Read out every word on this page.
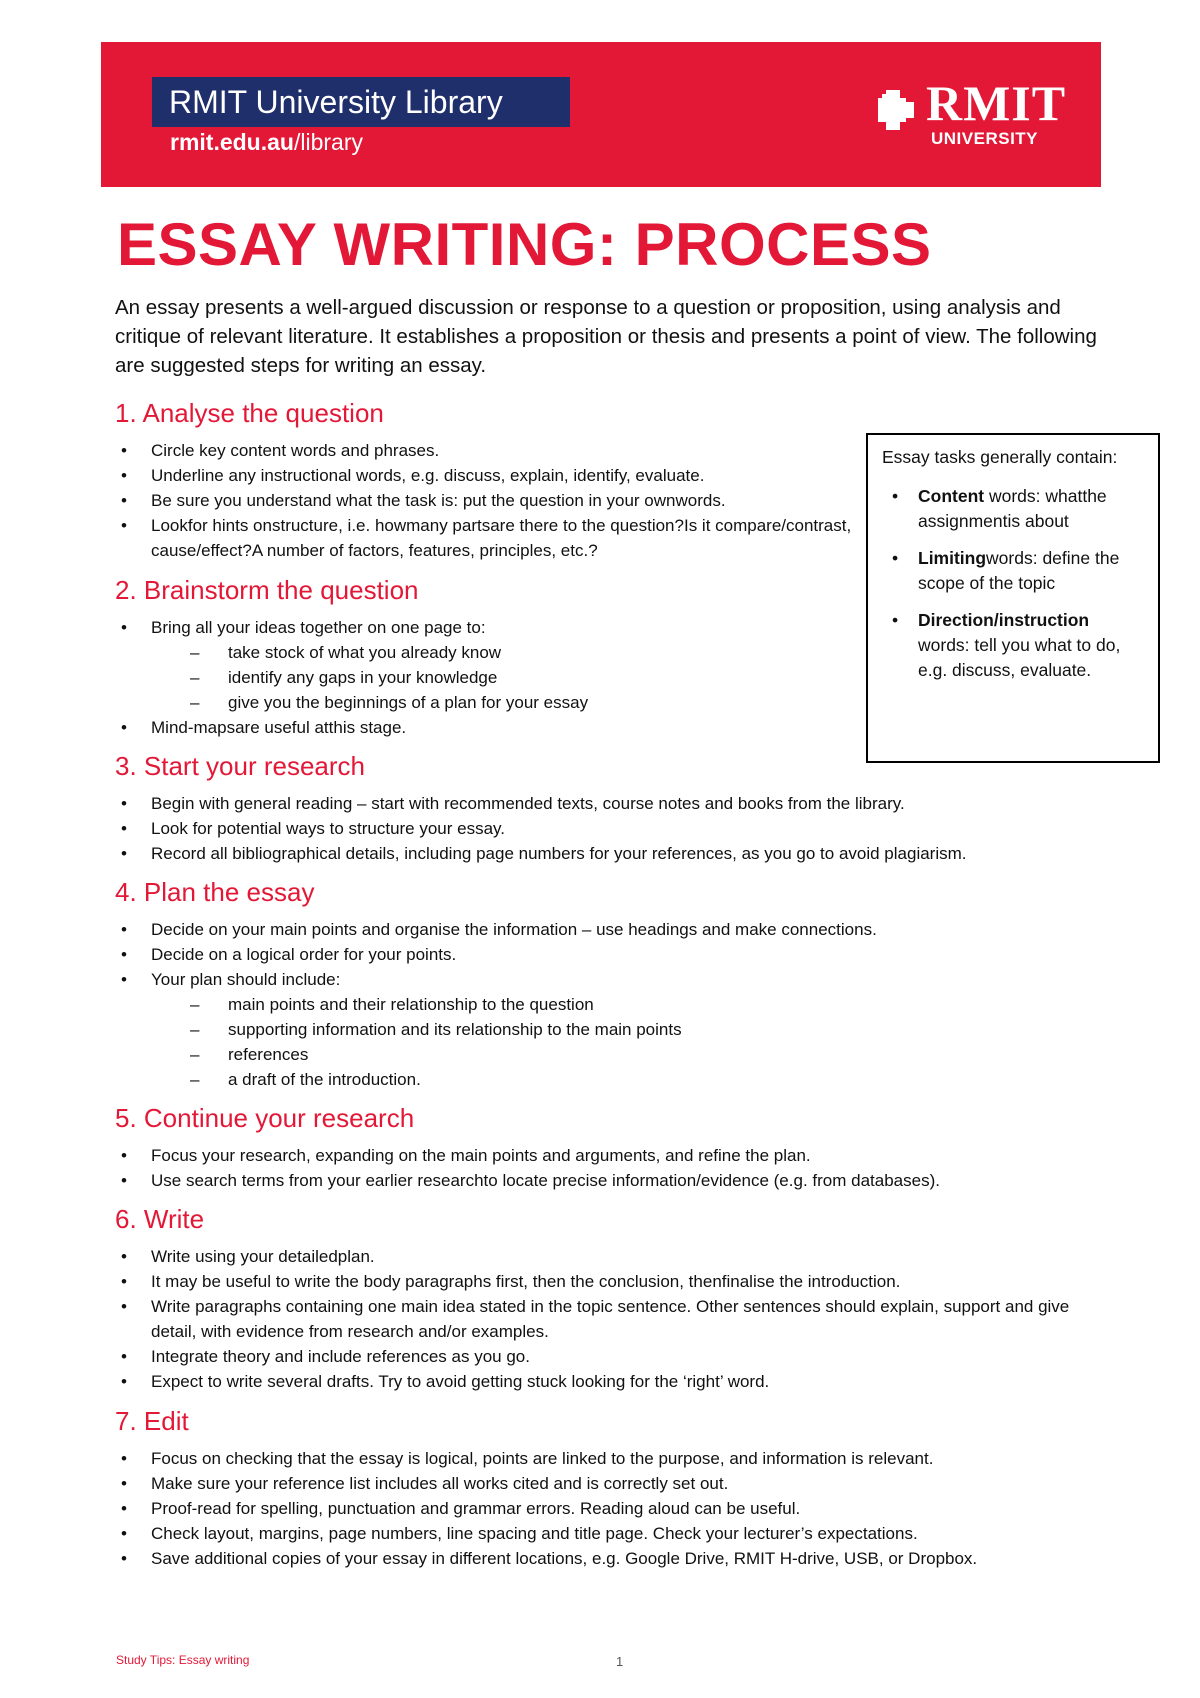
RMIT University Library
rmit.edu.au/library
RMIT
UNIVERSITY
ESSAY WRITING: PROCESS

An essay presents a well-argued discussion or response to a question or proposition, using analysis and critique of relevant literature. It establishes a proposition or thesis and presents a point of view. The following are suggested steps for writing an essay.

1. Analyse the question
• Circle key content words and phrases.
• Underline any instructional words, e.g. discuss, explain, identify, evaluate.
• Be sure you understand what the task is: put the question in your ownwords.
• Lookfor hints onstructure, i.e. howmany partsare there to the question?Is it compare/contrast, cause/effect?A number of factors, features, principles, etc.?
2. Brainstorm the question
• Bring all your ideas together on one page to:
– take stock of what you already know
– identify any gaps in your knowledge
– give you the beginnings of a plan for your essay
• Mind-mapsare useful atthis stage.
3. Start your research
• Begin with general reading – start with recommended texts, course notes and books from the library.
• Look for potential ways to structure your essay.
• Record all bibliographical details, including page numbers for your references, as you go to avoid plagiarism.
4. Plan the essay
• Decide on your main points and organise the information – use headings and make connections.
• Decide on a logical order for your points.
• Your plan should include:
– main points and their relationship to the question
– supporting information and its relationship to the main points
– references
– a draft of the introduction.
5. Continue your research
• Focus your research, expanding on the main points and arguments, and refine the plan.
• Use search terms from your earlier researchto locate precise information/evidence (e.g. from databases).
6. Write
• Write using your detailedplan.
• It may be useful to write the body paragraphs first, then the conclusion, thenfinalise the introduction.
• Write paragraphs containing one main idea stated in the topic sentence. Other sentences should explain, support and give detail, with evidence from research and/or examples.
• Integrate theory and include references as you go.
• Expect to write several drafts. Try to avoid getting stuck looking for the ‘right’ word.
7. Edit
• Focus on checking that the essay is logical, points are linked to the purpose, and information is relevant.
• Make sure your reference list includes all works cited and is correctly set out.
• Proof-read for spelling, punctuation and grammar errors. Reading aloud can be useful.
• Check layout, margins, page numbers, line spacing and title page. Check your lecturer’s expectations.
• Save additional copies of your essay in different locations, e.g. Google Drive, RMIT H-drive, USB, or Dropbox.

Essay tasks generally contain:

• Content words: whatthe assignmentis about
• Limitingwords: define the scope of the topic
• Direction/instruction words: tell you what to do, e.g. discuss, evaluate.
Study Tips: Essay writing	1
